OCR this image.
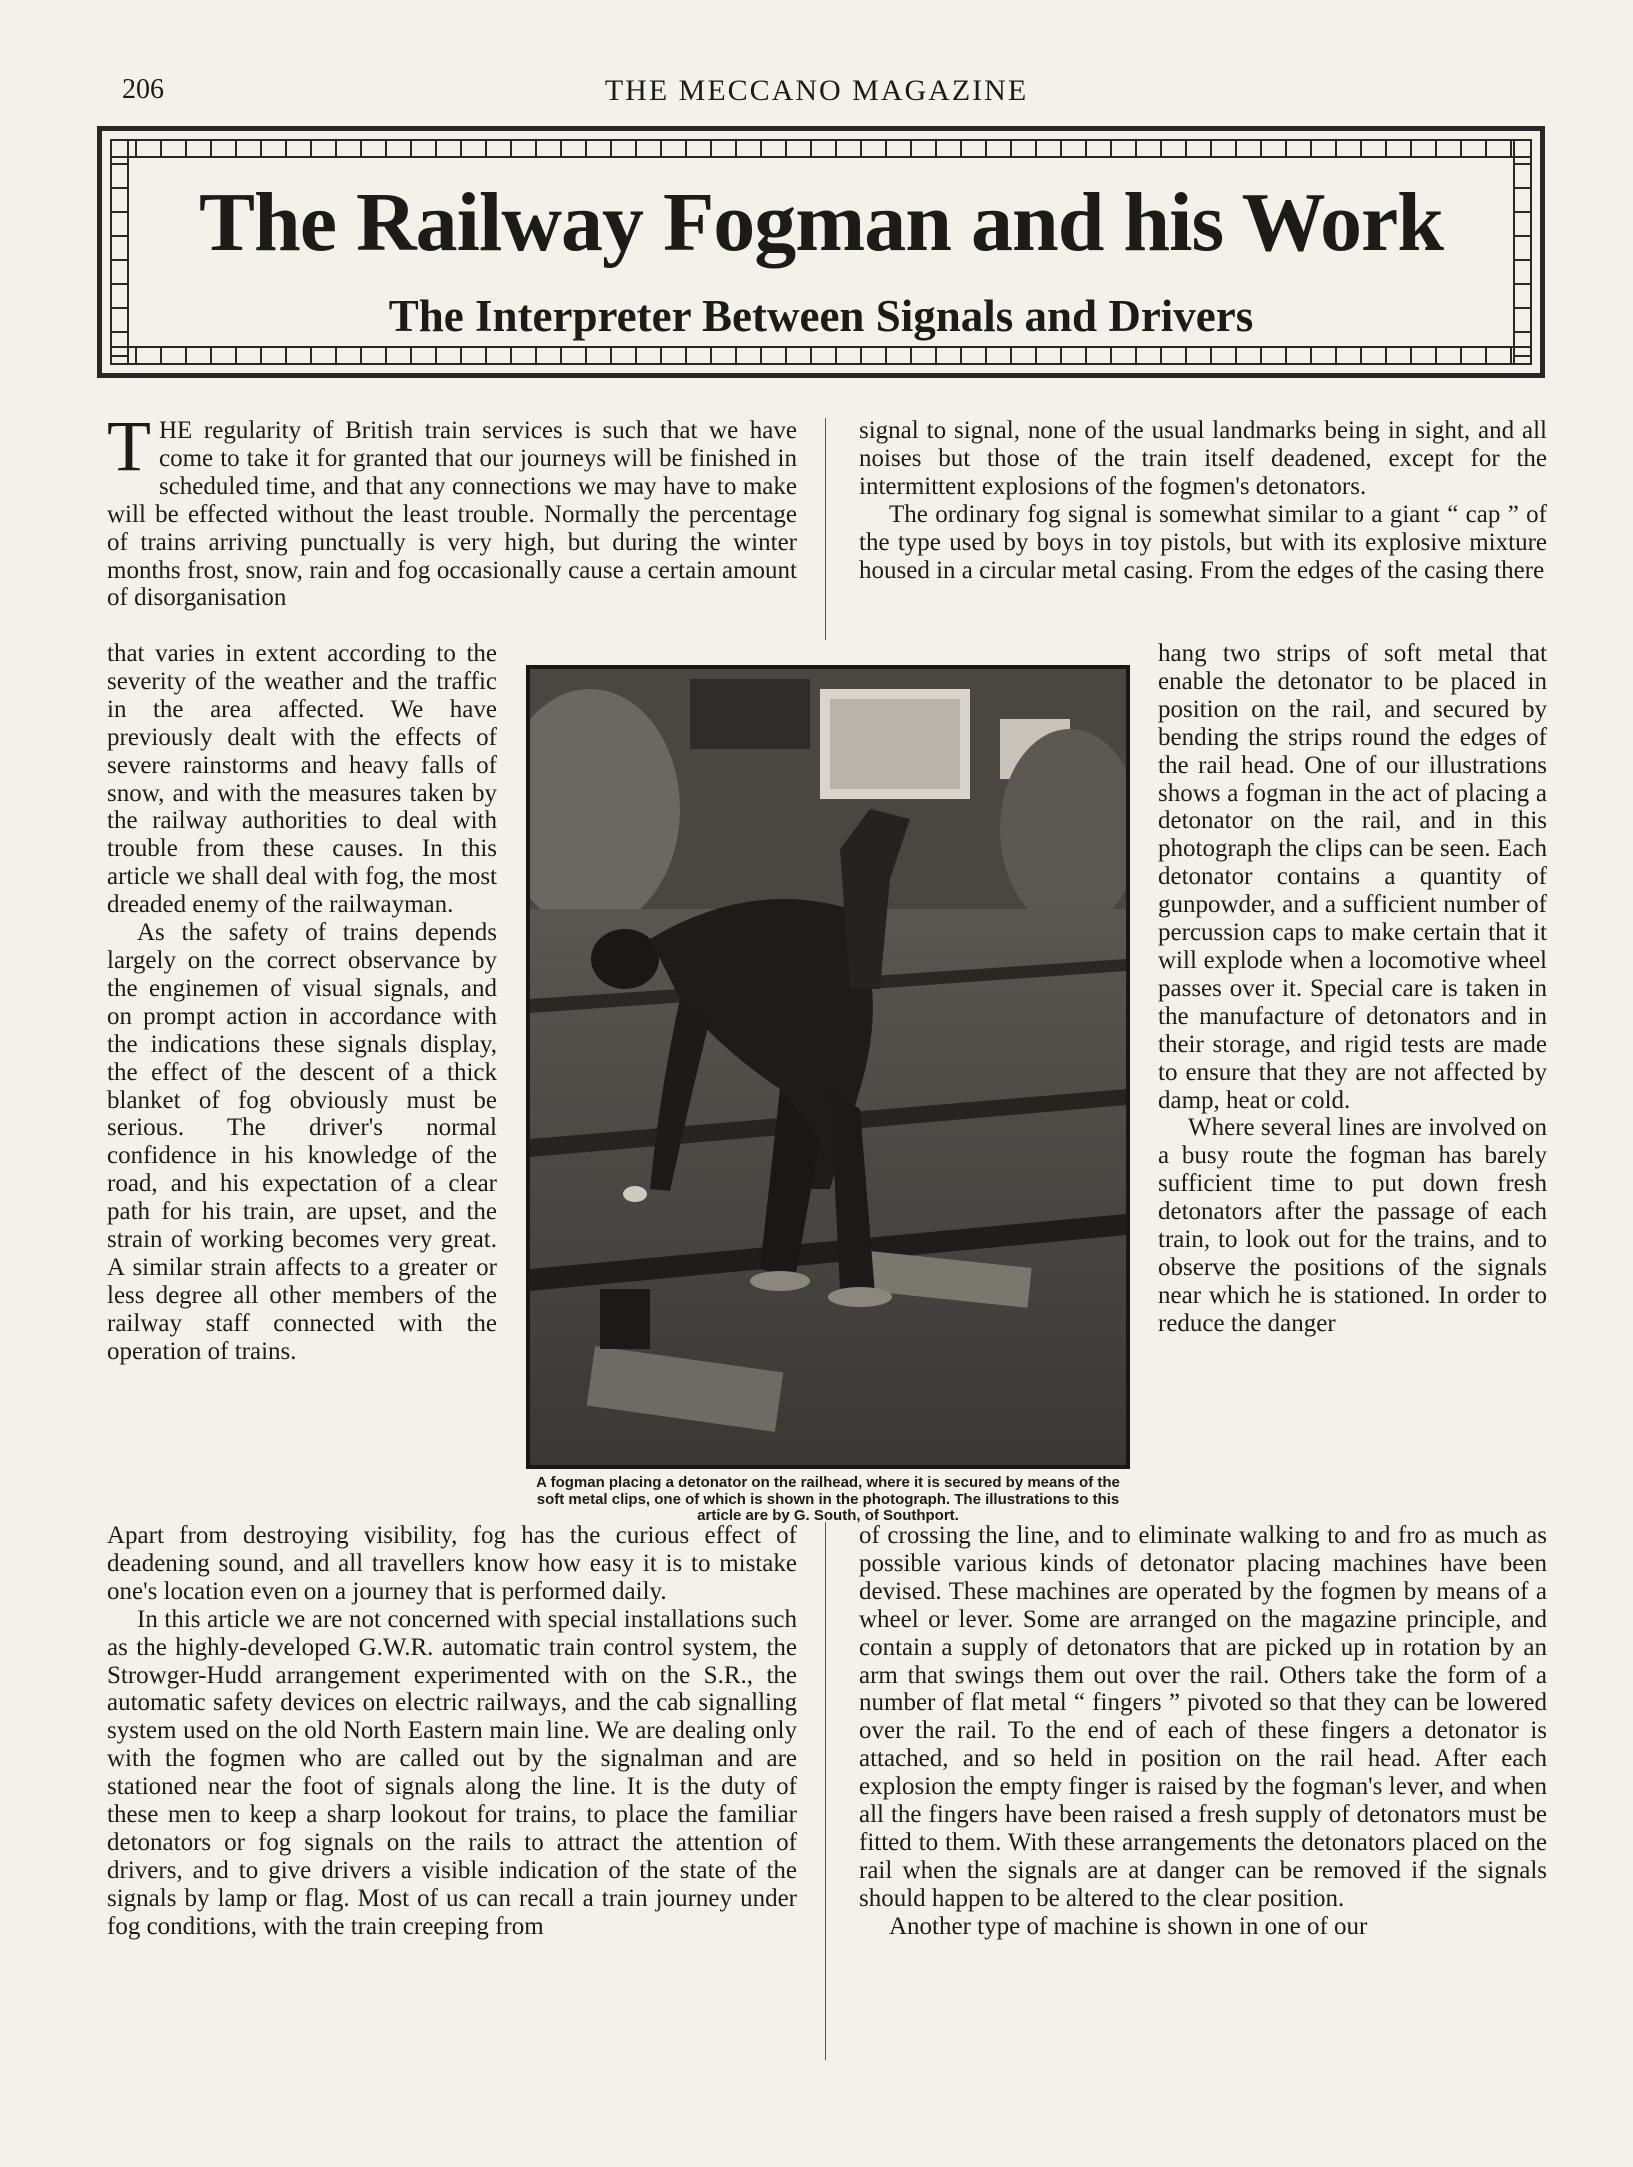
206	THE MECCANO MAGAZINE
The Railway Fogman and his Work
The Interpreter Between Signals and Drivers

THE regularity of British train services is such that we have come to take it for granted that our journeys will be finished in scheduled time, and that any connections we may have to make will be effected without the least trouble. Normally the percentage of trains arriving punctually is very high, but during the winter months frost, snow, rain and fog occasionally cause a certain amount of disorganisation

that varies in extent according to the severity of the weather and the traffic in the area affected. We have previously dealt with the effects of severe rainstorms and heavy falls of snow, and with the measures taken by the railway authorities to deal with trouble from these causes. In this article we shall deal with fog, the most dreaded enemy of the railwayman.

As the safety of trains depends largely on the correct observance by the enginemen of visual signals, and on prompt action in accordance with the indications these signals display, the effect of the descent of a thick blanket of fog obviously must be serious. The driver's normal confidence in his knowledge of the road, and his expectation of a clear path for his train, are upset, and the strain of working becomes very great. A similar strain affects to a greater or less degree all other members of the railway staff connected with the operation of trains.

Apart from destroying visibility, fog has the curious effect of deadening sound, and all travellers know how easy it is to mistake one's location even on a journey that is performed daily.

In this article we are not concerned with special installations such as the highly-developed G.W.R. automatic train control system, the Strowger-Hudd arrangement experimented with on the S.R., the automatic safety devices on electric railways, and the cab signalling system used on the old North Eastern main line. We are dealing only with the fogmen who are called out by the signalman and are stationed near the foot of signals along the line. It is the duty of these men to keep a sharp lookout for trains, to place the familiar detonators or fog signals on the rails to attract the attention of drivers, and to give drivers a visible indication of the state of the signals by lamp or flag. Most of us can recall a train journey under fog conditions, with the train creeping from

signal to signal, none of the usual landmarks being in sight, and all noises but those of the train itself deadened, except for the intermittent explosions of the fogmen's detonators.

The ordinary fog signal is somewhat similar to a giant “ cap ” of the type used by boys in toy pistols, but with its explosive mixture housed in a circular metal casing. From the edges of the casing there

hang two strips of soft metal that enable the detonator to be placed in position on the rail, and secured by bending the strips round the edges of the rail head. One of our illustrations shows a fogman in the act of placing a detonator on the rail, and in this photograph the clips can be seen. Each detonator contains a quantity of gunpowder, and a sufficient number of percussion caps to make certain that it will explode when a locomotive wheel passes over it. Special care is taken in the manufacture of detonators and in their storage, and rigid tests are made to ensure that they are not affected by damp, heat or cold.

Where several lines are involved on a busy route the fogman has barely sufficient time to put down fresh detonators after the passage of each train, to look out for the trains, and to observe the positions of the signals near which he is stationed. In order to reduce the danger

of crossing the line, and to eliminate walking to and fro as much as possible various kinds of detonator placing machines have been devised. These machines are operated by the fogmen by means of a wheel or lever. Some are arranged on the magazine principle, and contain a supply of detonators that are picked up in rotation by an arm that swings them out over the rail. Others take the form of a number of flat metal “ fingers ” pivoted so that they can be lowered over the rail. To the end of each of these fingers a detonator is attached, and so held in position on the rail head. After each explosion the empty finger is raised by the fogman's lever, and when all the fingers have been raised a fresh supply of detonators must be fitted to them. With these arrangements the detonators placed on the rail when the signals are at danger can be removed if the signals should happen to be altered to the clear position.

Another type of machine is shown in one of our

A fogman placing a detonator on the railhead, where it is secured by means of the soft metal clips, one of which is shown in the photograph. The illustrations to this article are by G. South, of Southport.
